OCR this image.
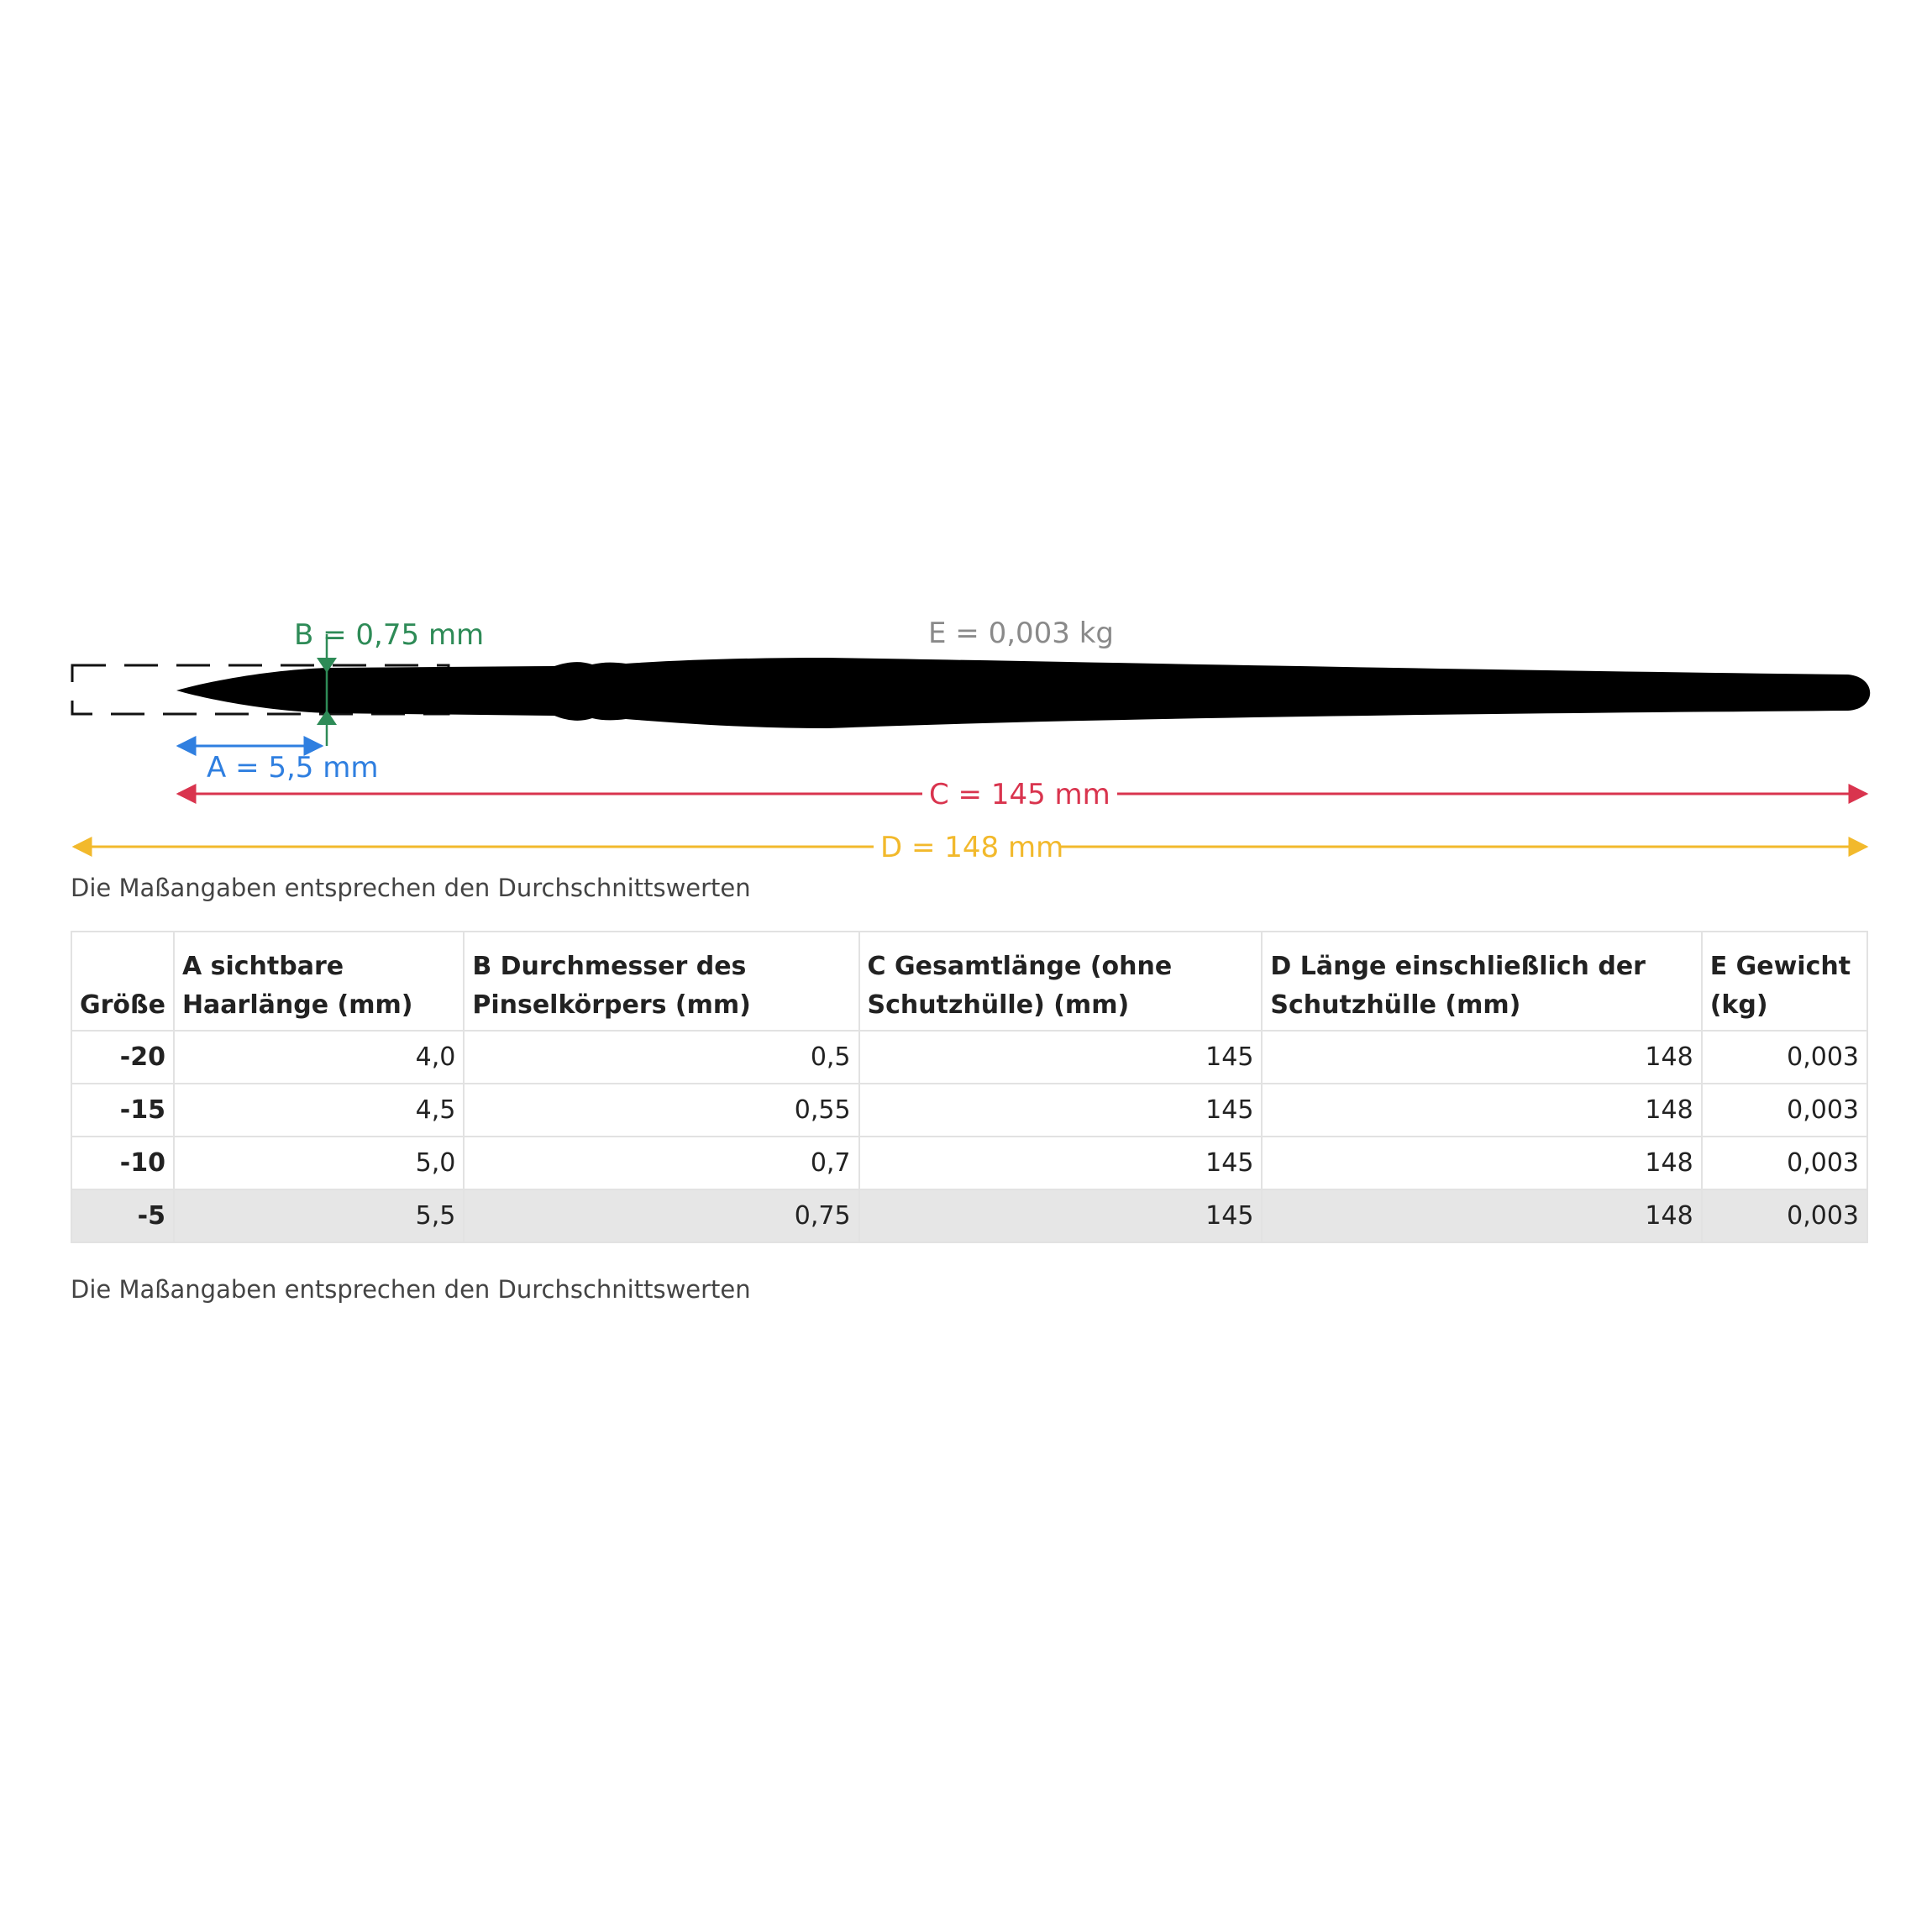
B = 0,75 mm
A = 5,5 mm
E = 0,003 kg
C = 145 mm
D = 148 mm
Die Maßangaben entsprechen den Durchschnittswerten
Größe	A sichtbare Haarlänge (mm)	B Durchmesser des Pinselkörpers (mm)	C Gesamtlänge (ohne Schutzhülle) (mm)	D Länge einschließlich der Schutzhülle (mm)	E Gewicht (kg)
-20	4,0	0,5	145	148	0,003
-15	4,5	0,55	145	148	0,003
-10	5,0	0,7	145	148	0,003
-5	5,5	0,75	145	148	0,003
Die Maßangaben entsprechen den Durchschnittswerten
